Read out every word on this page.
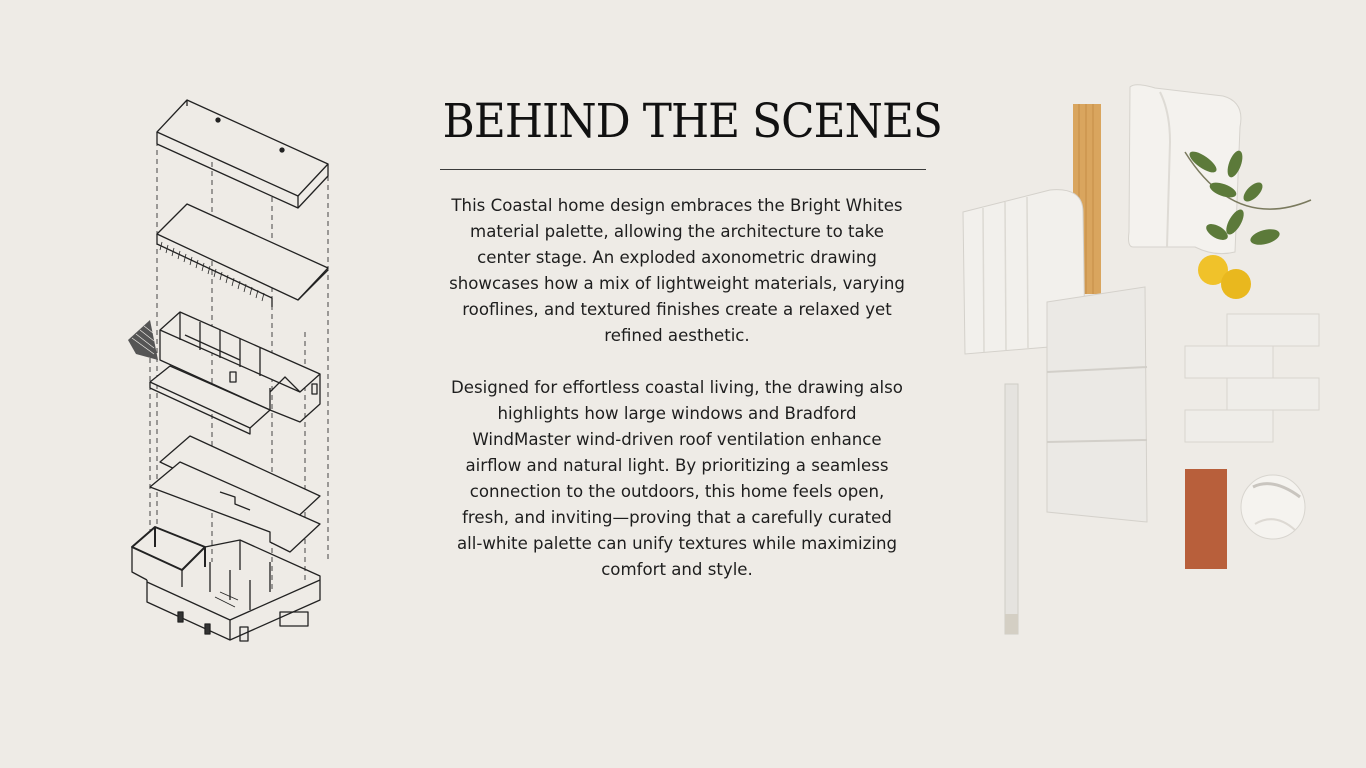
BEHIND THE SCENES

This Coastal home design embraces the Bright Whites material palette, allowing the architecture to take center stage. An exploded axonometric drawing showcases how a mix of lightweight materials, varying rooflines, and textured finishes create a relaxed yet refined aesthetic.

Designed for effortless coastal living, the drawing also highlights how large windows and Bradford WindMaster wind-driven roof ventilation enhance airflow and natural light. By prioritizing a seamless connection to the outdoors, this home feels open, fresh, and inviting—proving that a carefully curated all-white palette can unify textures while maximizing comfort and style.
